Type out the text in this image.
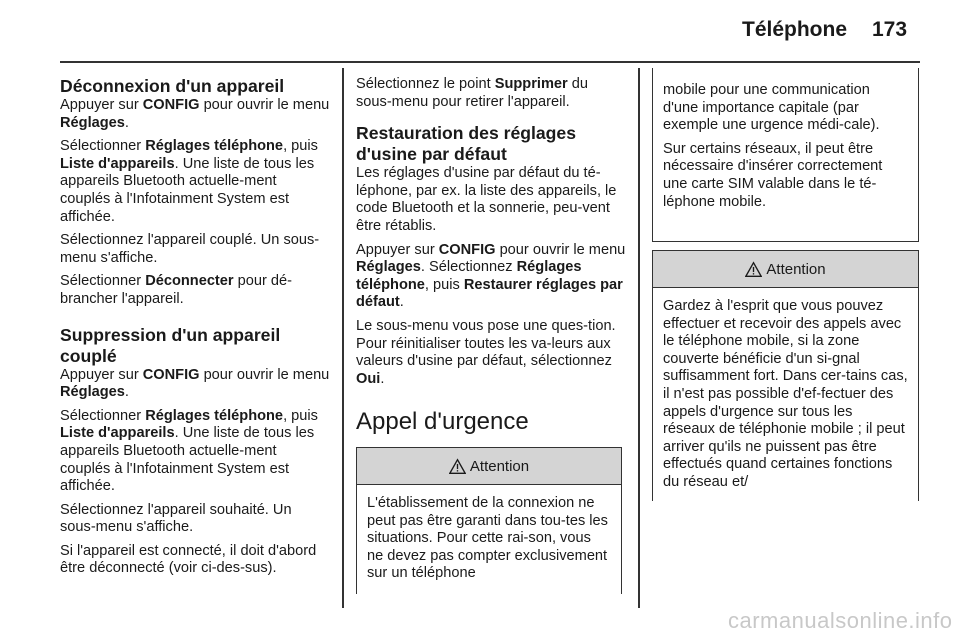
Téléphone 173
Déconnexion d'un appareil

Appuyer sur CONFIG pour ouvrir le menu Réglages.

Sélectionner Réglages téléphone, puis Liste d'appareils. Une liste de tous les appareils Bluetooth actuelle-ment couplés à l'Infotainment System est affichée.

Sélectionnez l'appareil couplé. Un sous-menu s'affiche.

Sélectionner Déconnecter pour dé-brancher l'appareil.

Suppression d'un appareil couplé

Appuyer sur CONFIG pour ouvrir le menu Réglages.

Sélectionner Réglages téléphone, puis Liste d'appareils. Une liste de tous les appareils Bluetooth actuelle-ment couplés à l'Infotainment System est affichée.

Sélectionnez l'appareil souhaité. Un sous-menu s'affiche.

Si l'appareil est connecté, il doit d'abord être déconnecté (voir ci-des-sus).

Sélectionnez le point Supprimer du sous-menu pour retirer l'appareil.

Restauration des réglages d'usine par défaut

Les réglages d'usine par défaut du té-léphone, par ex. la liste des appareils, le code Bluetooth et la sonnerie, peu-vent être rétablis.

Appuyer sur CONFIG pour ouvrir le menu Réglages. Sélectionnez Réglages téléphone, puis Restaurer réglages par défaut.

Le sous-menu vous pose une ques-tion. Pour réinitialiser toutes les va-leurs aux valeurs d'usine par défaut, sélectionnez Oui.

Appel d'urgence
Attention

L'établissement de la connexion ne peut pas être garanti dans tou-tes les situations. Pour cette rai-son, vous ne devez pas compter exclusivement sur un téléphone

mobile pour une communication d'une importance capitale (par exemple une urgence médi-cale).

Sur certains réseaux, il peut être nécessaire d'insérer correctement une carte SIM valable dans le té-léphone mobile.

Attention

Gardez à l'esprit que vous pouvez effectuer et recevoir des appels avec le téléphone mobile, si la zone couverte bénéficie d'un si-gnal suffisamment fort. Dans cer-tains cas, il n'est pas possible d'ef-fectuer des appels d'urgence sur tous les réseaux de téléphonie mobile ; il peut arriver qu'ils ne puissent pas être effectués quand certaines fonctions du réseau et/

carmanualsonline.info
